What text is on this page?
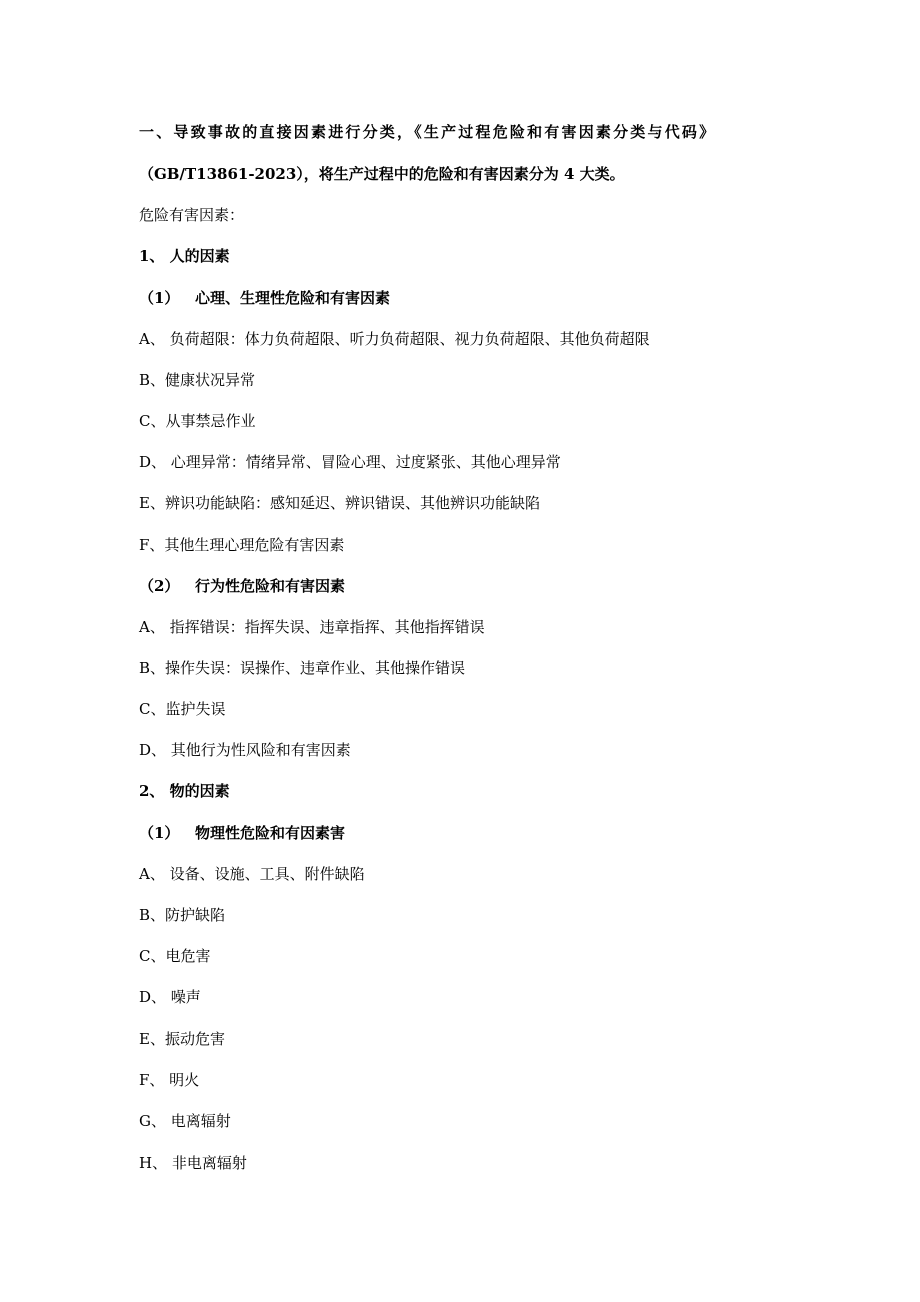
一、导致事故的直接因素进行分类，《生产过程危险和有害因素分类与代码》
（GB/T13861-2023），将生产过程中的危险和有害因素分为 4 大类。
危险有害因素：
1、 人的因素
（1） 心理、生理性危险和有害因素
A、 负荷超限：体力负荷超限、听力负荷超限、视力负荷超限、其他负荷超限
B、健康状况异常
C、从事禁忌作业
D、 心理异常：情绪异常、冒险心理、过度紧张、其他心理异常
E、辨识功能缺陷：感知延迟、辨识错误、其他辨识功能缺陷
F、其他生理心理危险有害因素
（2） 行为性危险和有害因素
A、 指挥错误：指挥失误、违章指挥、其他指挥错误
B、操作失误：误操作、违章作业、其他操作错误
C、监护失误
D、 其他行为性风险和有害因素
2、 物的因素
（1） 物理性危险和有因素害
A、 设备、设施、工具、附件缺陷
B、防护缺陷
C、电危害
D、 噪声
E、振动危害
F、 明火
G、 电离辐射
H、 非电离辐射
